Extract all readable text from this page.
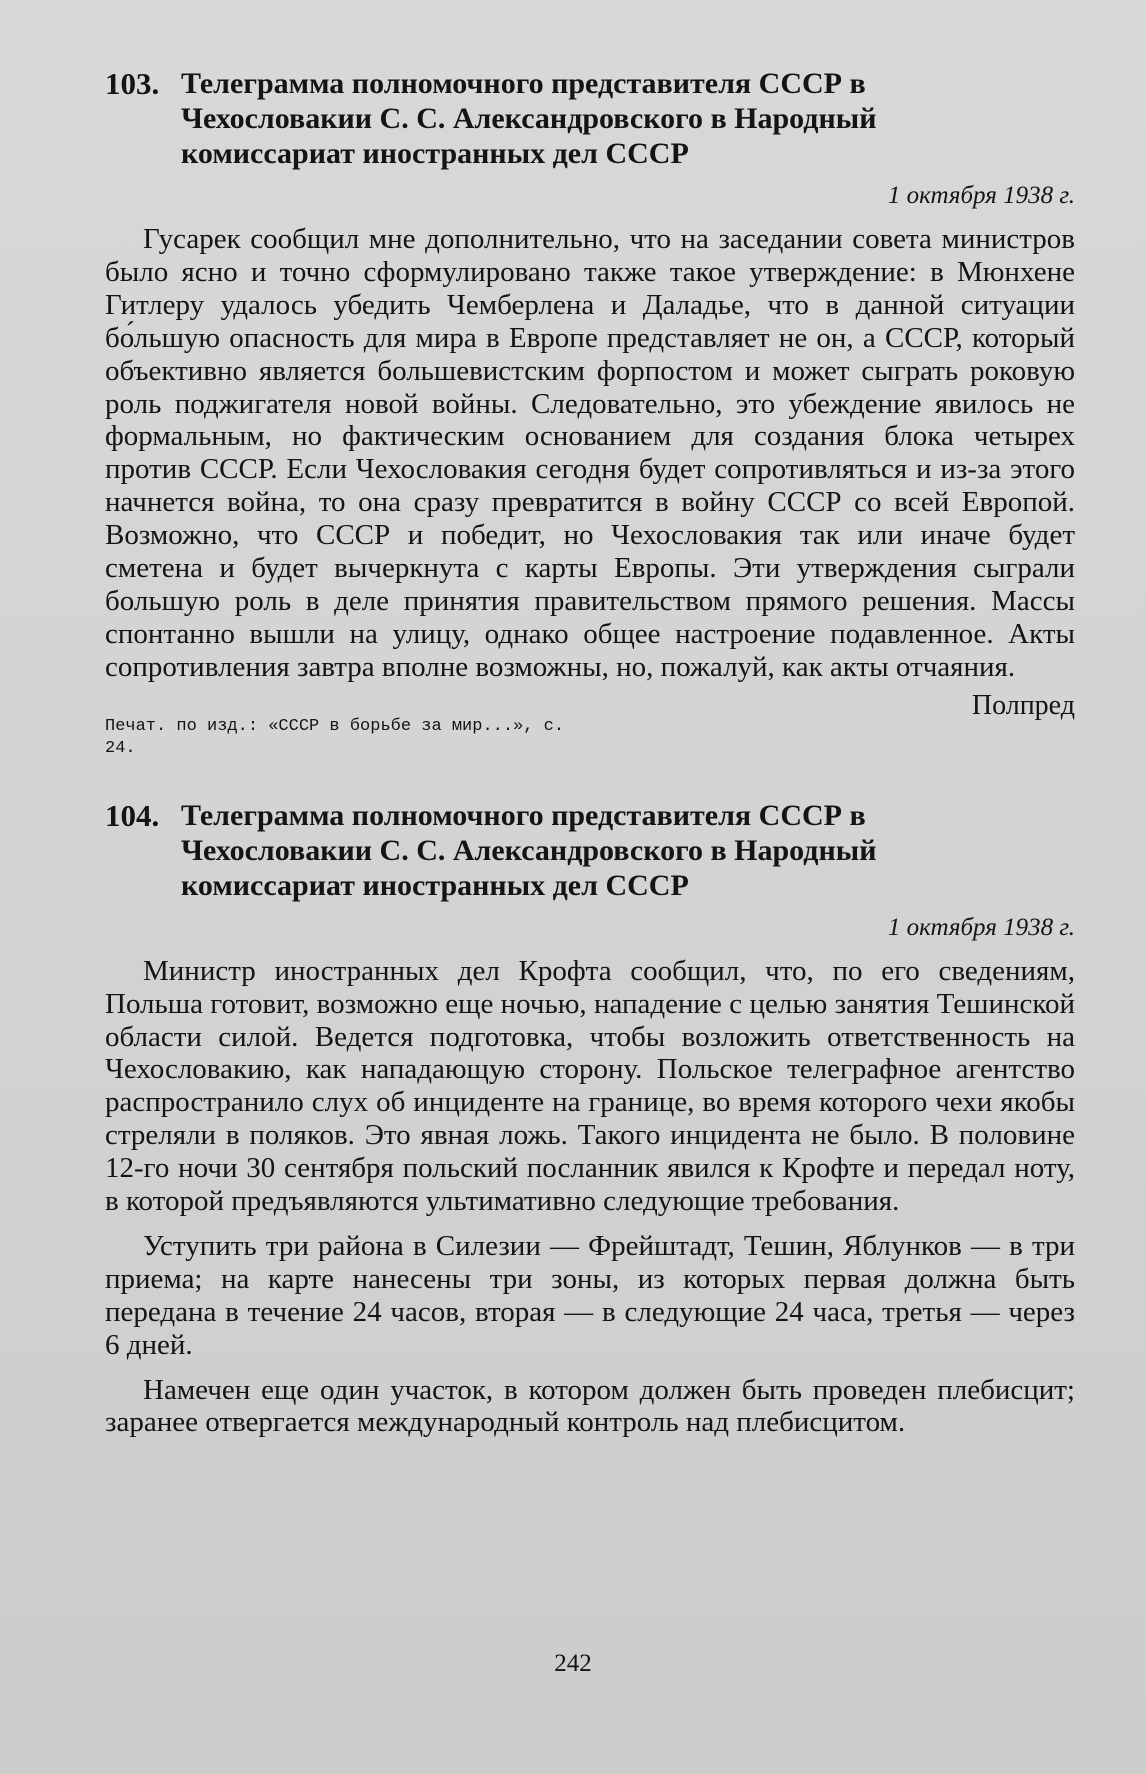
103. Телеграмма полномочного представителя СССР в Чехословакии С. С. Александровского в Народный комиссариат иностранных дел СССР
1 октября 1938 г.

Гусарек сообщил мне дополнительно, что на заседании совета министров было ясно и точно сформулировано также такое утверждение: в Мюнхене Гитлеру удалось убедить Чемберлена и Даладье, что в данной ситуации бо́льшую опасность для мира в Европе представляет не он, а СССР, который объективно является большевистским форпостом и может сыграть роковую роль поджигателя новой войны. Следовательно, это убеждение явилось не формальным, но фактическим основанием для создания блока четырех против СССР. Если Чехословакия сегодня будет сопротивляться и из-за этого начнется война, то она сразу превратится в войну СССР со всей Европой. Возможно, что СССР и победит, но Чехословакия так или иначе будет сметена и будет вычеркнута с карты Европы. Эти утверждения сыграли большую роль в деле принятия правительством прямого решения. Массы спонтанно вышли на улицу, однако общее настроение подавленное. Акты сопротивления завтра вполне возможны, но, пожалуй, как акты отчаяния.

Полпред
Печат. по изд.: «СССР в борьбе за мир...», с. 24.
104. Телеграмма полномочного представителя СССР в Чехословакии С. С. Александровского в Народный комиссариат иностранных дел СССР
1 октября 1938 г.

Министр иностранных дел Крофта сообщил, что, по его сведениям, Польша готовит, возможно еще ночью, нападение с целью занятия Тешинской области силой. Ведется подготовка, чтобы возложить ответственность на Чехословакию, как нападающую сторону. Польское телеграфное агентство распространило слух об инциденте на границе, во время которого чехи якобы стреляли в поляков. Это явная ложь. Такого инцидента не было. В половине 12-го ночи 30 сентября польский посланник явился к Крофте и передал ноту, в которой предъявляются ультимативно следующие требования.

Уступить три района в Силезии — Фрейштадт, Тешин, Яблунков — в три приема; на карте нанесены три зоны, из которых первая должна быть передана в течение 24 часов, вторая — в следующие 24 часа, третья — через 6 дней.

Намечен еще один участок, в котором должен быть проведен плебисцит; заранее отвергается международный контроль над плебисцитом.

242
